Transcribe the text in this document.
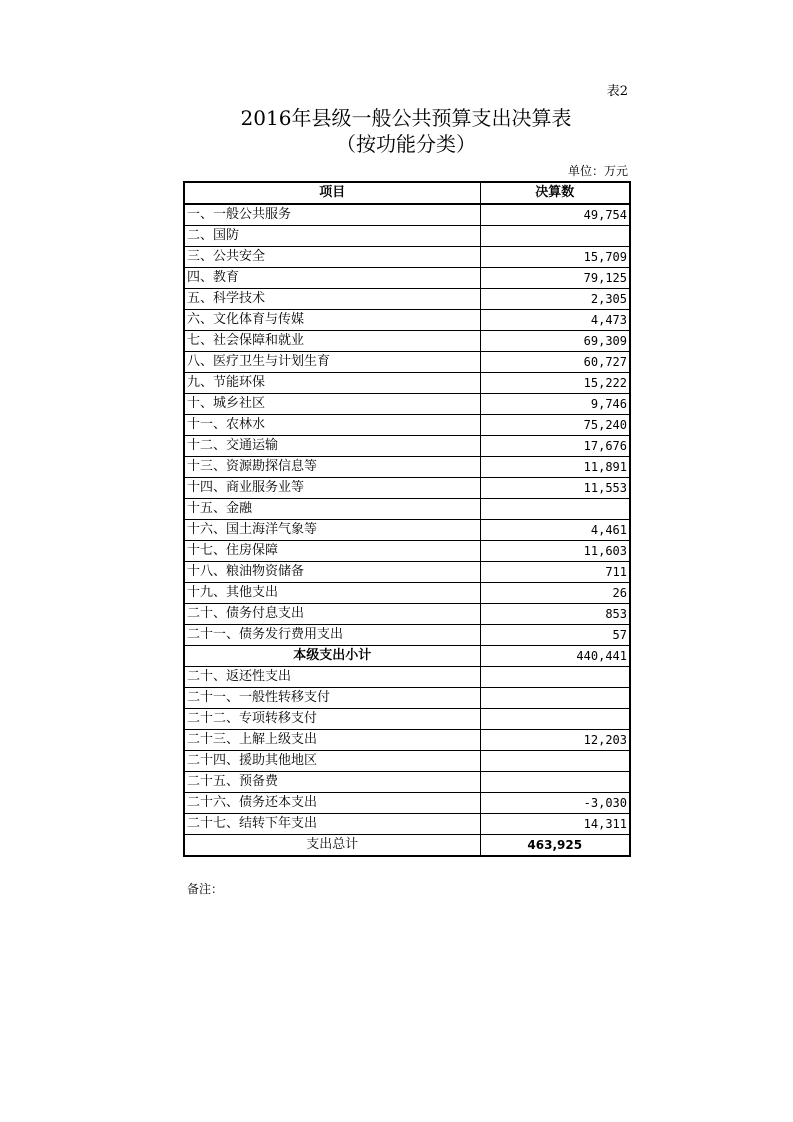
表2
2016年县级一般公共预算支出决算表
（按功能分类）
单位：万元
项目	决算数
一、一般公共服务	49,754
二、国防	
三、公共安全	15,709
四、教育	79,125
五、科学技术	2,305
六、文化体育与传媒	4,473
七、社会保障和就业	69,309
八、医疗卫生与计划生育	60,727
九、节能环保	15,222
十、城乡社区	9,746
十一、农林水	75,240
十二、交通运输	17,676
十三、资源勘探信息等	11,891
十四、商业服务业等	11,553
十五、金融	
十六、国土海洋气象等	4,461
十七、住房保障	11,603
十八、粮油物资储备	711
十九、其他支出	26
二十、债务付息支出	853
二十一、债务发行费用支出	57
本级支出小计	440,441
二十、返还性支出	
二十一、一般性转移支付	
二十二、专项转移支付	
二十三、上解上级支出	12,203
二十四、援助其他地区	
二十五、预备费	
二十六、债务还本支出	-3,030
二十七、结转下年支出	14,311
支出总计	463,925
备注：
